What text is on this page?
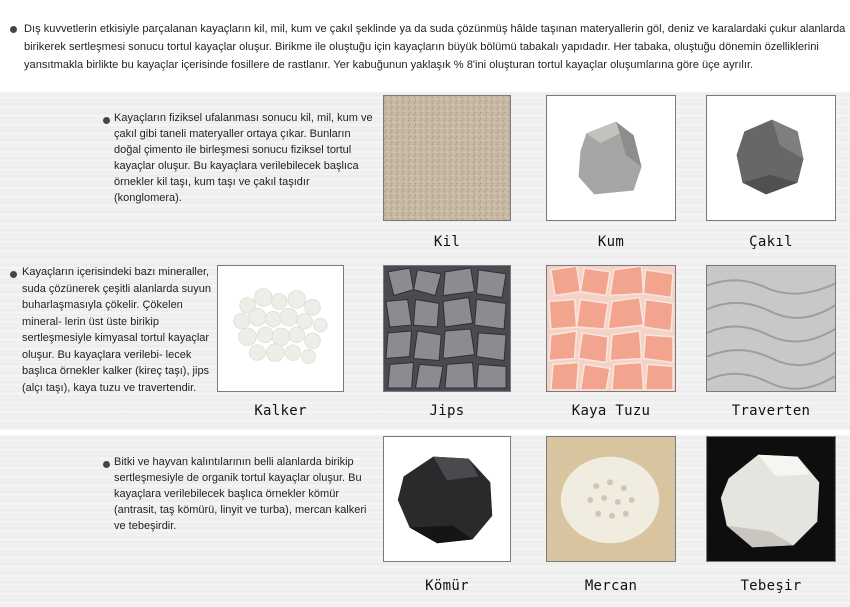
Dış kuvvetlerin etkisiyle parçalanan kayaçların kil, mil, kum ve çakıl şeklinde ya da suda çözünmüş hâlde taşınan materyallerin göl, deniz ve karalardaki çukur alanlarda birikerek sertleşmesi sonucu tortul kayaçlar oluşur. Birikme ile oluştuğu için kayaçların büyük bölümü tabakalı yapıdadır. Her tabaka, oluştuğu dönemin özelliklerini yansıtmakla birlikte bu kayaçlar içerisinde fosillere de rastlanır. Yer kabuğunun yaklaşık % 8'ini oluşturan tortul kayaçlar oluşumlarına göre üçe ayrılır.
Kayaçların fiziksel ufalanması sonucu kil, mil, kum ve çakıl gibi taneli materyaller ortaya çıkar. Bunların doğal çimento ile birleşmesi sonucu fiziksel tortul kayaçlar oluşur. Bu kayaçlara verilebilecek başlıca örnekler kil taşı, kum taşı ve çakıl taşıdır (konglomera).
Kil	Kum	Çakıl
Kayaçların içerisindeki bazı mineraller, suda çözünerek çeşitli alanlarda suyun buharlaşmasıyla çökelir. Çökelen mineral- lerin üst üste birikip sertleşmesiyle kimyasal tortul kayaçlar oluşur. Bu kayaçlara verilebi- lecek başlıca örnekler kalker (kireç taşı), jips (alçı taşı), kaya tuzu ve travertendir.
Kalker	Jips	Kaya Tuzu	Traverten
Bitki ve hayvan kalıntılarının belli alanlarda birikip sertleşmesiyle de organik tortul kayaçlar oluşur. Bu kayaçlara verilebilecek başlıca örnekler kömür (antrasit, taş kömürü, linyit ve turba), mercan kalkeri ve tebeşirdir.
Kömür	Mercan	Tebeşir
